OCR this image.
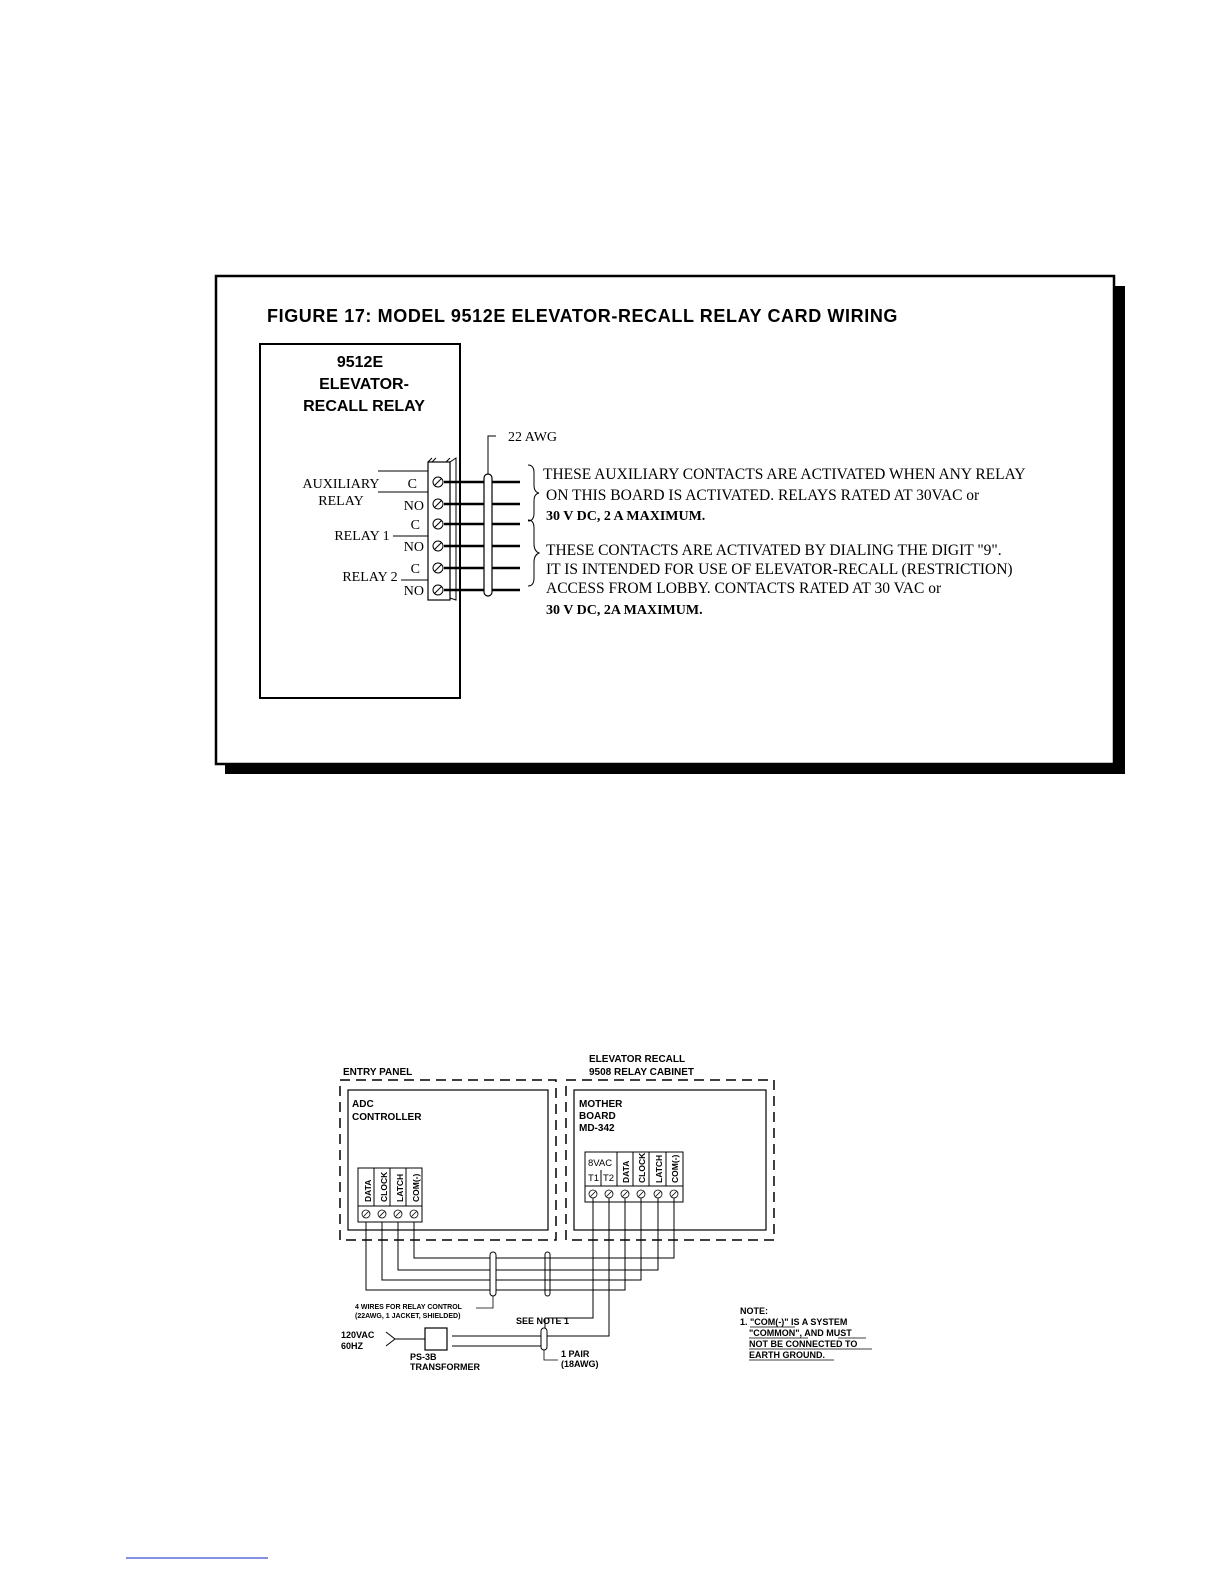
FIGURE 17: MODEL 9512E ELEVATOR-RECALL RELAY CARD WIRING
9512E
ELEVATOR-
RECALL RELAY
C
NO
C
NO
C
NO
AUXILIARY
RELAY
RELAY 1
RELAY 2
22 AWG
THESE AUXILIARY CONTACTS ARE ACTIVATED WHEN ANY RELAY
ON THIS BOARD IS ACTIVATED. RELAYS RATED AT 30VAC or
30 V DC, 2 A MAXIMUM.
THESE CONTACTS ARE ACTIVATED BY DIALING THE DIGIT "9".
IT IS INTENDED FOR USE OF ELEVATOR-RECALL (RESTRICTION)
ACCESS FROM LOBBY. CONTACTS RATED AT 30 VAC or
30 V DC, 2A MAXIMUM.
ENTRY PANEL
ADC
CONTROLLER
DATA CLOCK LATCH COM(-)
ELEVATOR RECALL
9508 RELAY CABINET
MOTHER
BOARD
MD-342
8VAC
T1 T2 DATA CLOCK LATCH COM(-)
4 WIRES FOR RELAY CONTROL
(22AWG, 1 JACKET, SHIELDED)	SEE NOTE 1
120VAC
60HZ
PS-3B
TRANSFORMER
1 PAIR
(18AWG)
NOTE:
1. "COM(-)" IS A SYSTEM
"COMMON", AND MUST
NOT BE CONNECTED TO
EARTH GROUND.
